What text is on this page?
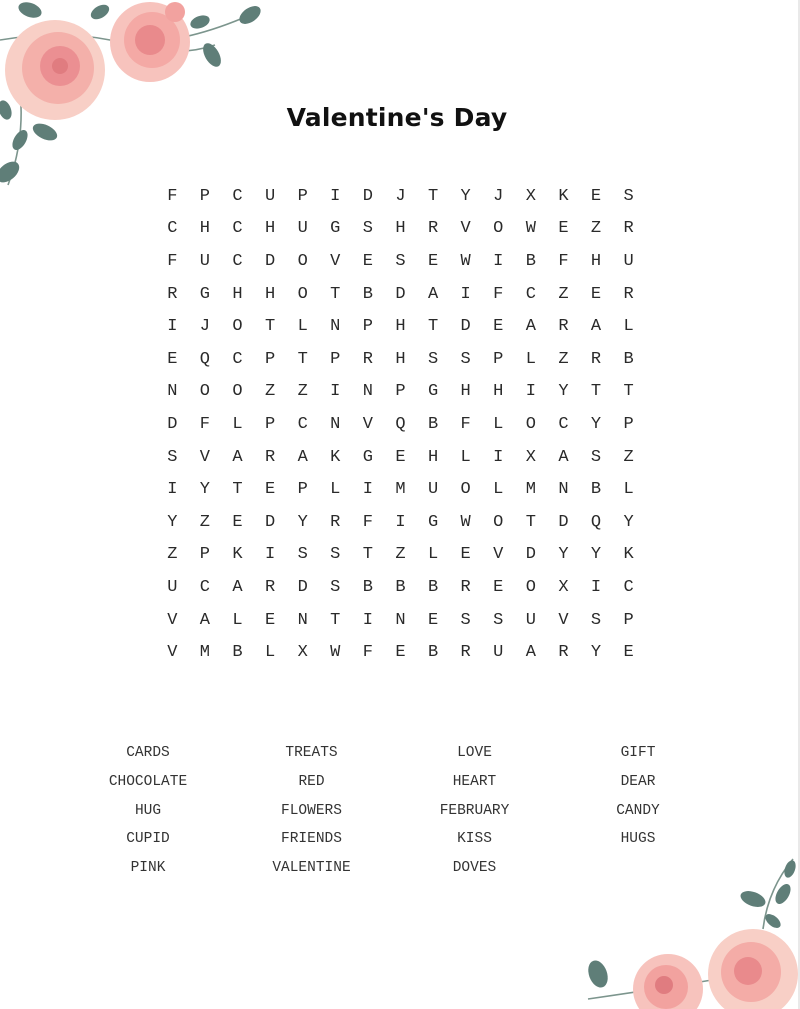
Valentine's Day
F	P	C	U	P	I	D	J	T	Y	J	X	K	E	S
C	H	C	H	U	G	S	H	R	V	O	W	E	Z	R
F	U	C	D	O	V	E	S	E	W	I	B	F	H	U
R	G	H	H	O	T	B	D	A	I	F	C	Z	E	R
I	J	O	T	L	N	P	H	T	D	E	A	R	A	L
E	Q	C	P	T	P	R	H	S	S	P	L	Z	R	B
N	O	O	Z	Z	I	N	P	G	H	H	I	Y	T	T
D	F	L	P	C	N	V	Q	B	F	L	O	C	Y	P
S	V	A	R	A	K	G	E	H	L	I	X	A	S	Z
I	Y	T	E	P	L	I	M	U	O	L	M	N	B	L
Y	Z	E	D	Y	R	F	I	G	W	O	T	D	Q	Y
Z	P	K	I	S	S	T	Z	L	E	V	D	Y	Y	K
U	C	A	R	D	S	B	B	B	R	E	O	X	I	C
V	A	L	E	N	T	I	N	E	S	S	U	V	S	P
V	M	B	L	X	W	F	E	B	R	U	A	R	Y	E
CARDS	TREATS	LOVE	GIFT
CHOCOLATE	RED	HEART	DEAR
HUG	FLOWERS	FEBRUARY	CANDY
CUPID	FRIENDS	KISS	HUGS
PINK	VALENTINE	DOVES
